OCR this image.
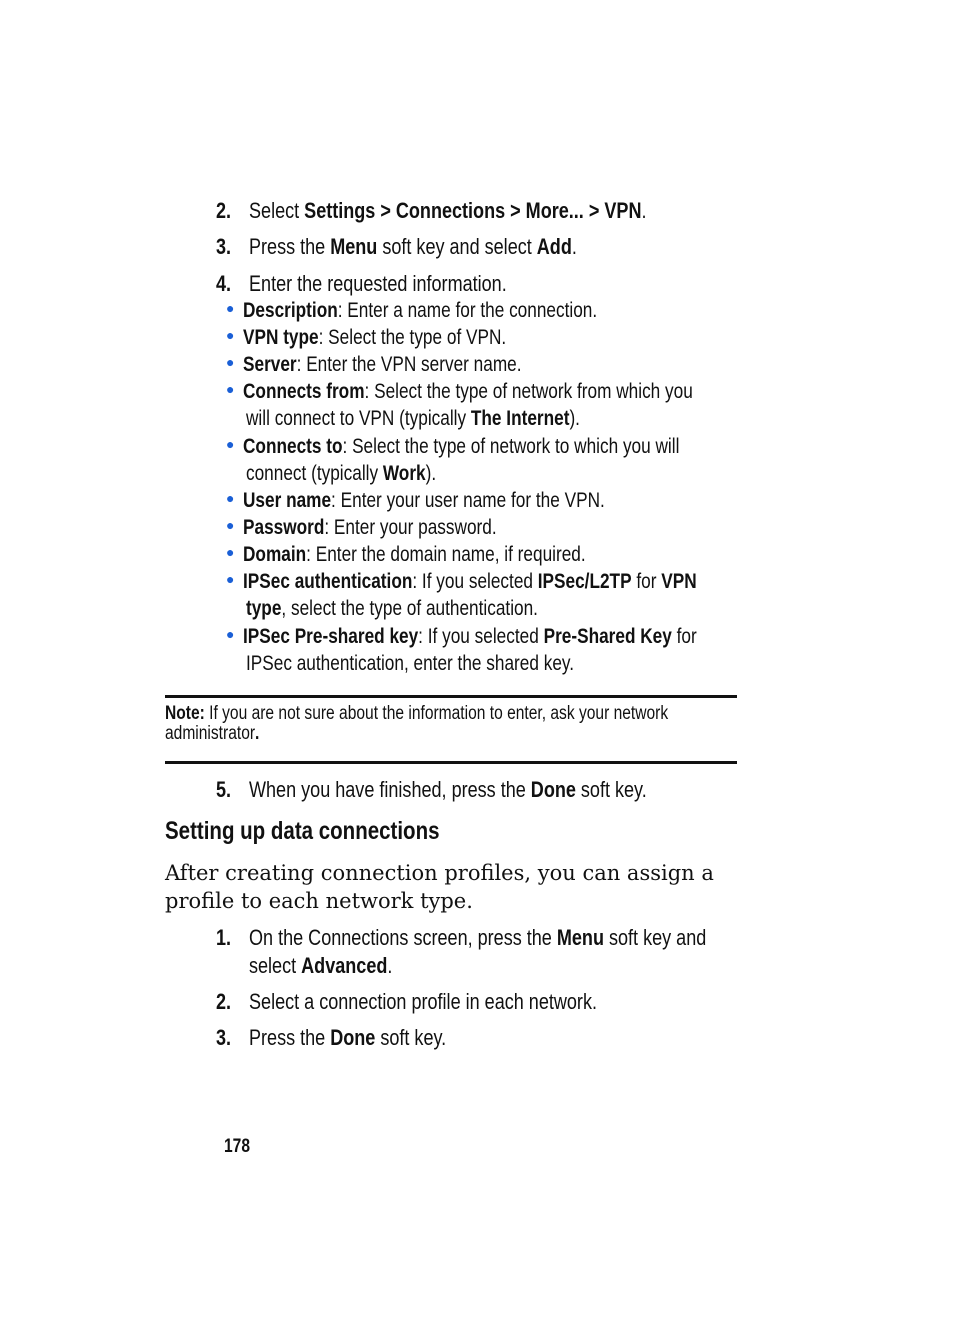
2. Select Settings > Connections > More... > VPN.
3. Press the Menu soft key and select Add.
4. Enter the requested information.
● Description: Enter a name for the connection.
● VPN type: Select the type of VPN.
● Server: Enter the VPN server name.
● Connects from: Select the type of network from which you
will connect to VPN (typically The Internet).
● Connects to: Select the type of network to which you will
connect (typically Work).
● User name: Enter your user name for the VPN.
● Password: Enter your password.
● Domain: Enter the domain name, if required.
● IPSec authentication: If you selected IPSec/L2TP for VPN
type, select the type of authentication.
● IPSec Pre-shared key: If you selected Pre-Shared Key for
IPSec authentication, enter the shared key.
Note: If you are not sure about the information to enter, ask your network
administrator.
5. When you have finished, press the Done soft key.
Setting up data connections
After creating connection profiles, you can assign a
profile to each network type.
1. On the Connections screen, press the Menu soft key and
select Advanced.
2. Select a connection profile in each network.
3. Press the Done soft key.
178
